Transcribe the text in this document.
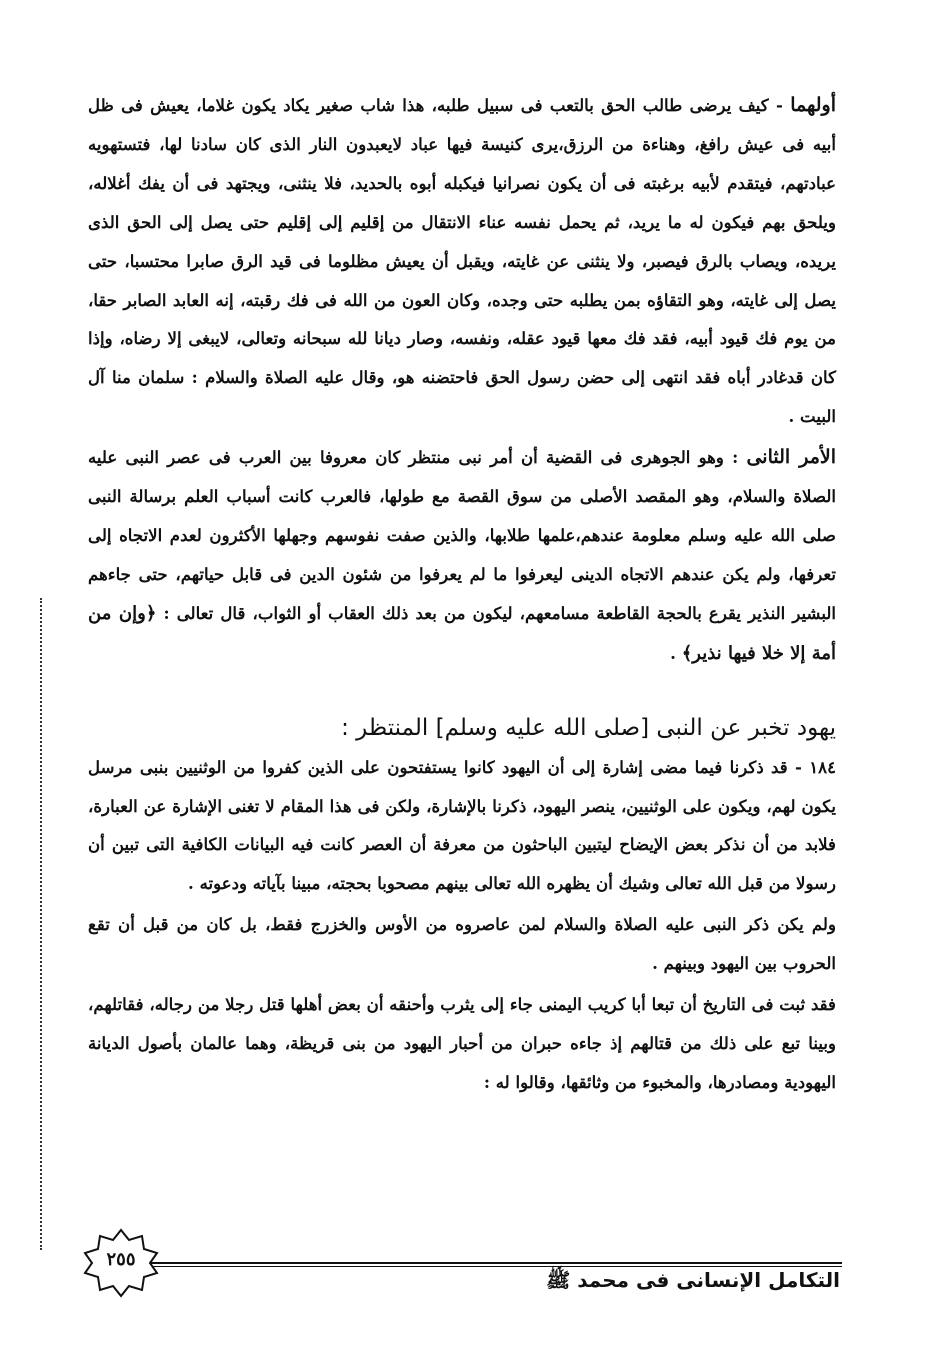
أولهما - كيف يرضى طالب الحق بالتعب فى سبيل طلبه، هذا شاب صغير يكاد يكون غلاما، يعيش فى ظل أبيه فى عيش رافغ، وهناءة من الرزق،يرى كنيسة فيها عباد لايعبدون النار الذى كان سادنا لها، فتستهويه عبادتهم، فيتقدم لأبيه برغبته فى أن يكون نصرانيا فيكبله أبوه بالحديد، فلا ينثنى، ويجتهد فى أن يفك أغلاله، ويلحق بهم فيكون له ما يريد، ثم يحمل نفسه عناء الانتقال من إقليم إلى إقليم حتى يصل إلى الحق الذى يريده، ويصاب بالرق فيصبر، ولا ينثنى عن غايته، ويقبل أن يعيش مظلوما فى قيد الرق صابرا محتسبا، حتى يصل إلى غايته، وهو التقاؤه بمن يطلبه حتى وجده، وكان العون من الله فى فك رقبته، إنه العابد الصابر حقا، من يوم فك قيود أبيه، فقد فك معها قيود عقله، ونفسه، وصار دیانا لله سبحانه وتعالى، لايبغى إلا رضاه، وإذا كان قدغادر أباه فقد انتهى إلى حضن رسول الحق فاحتضنه هو، وقال عليه الصلاة والسلام : سلمان منا آل البيت .

الأمر الثانى : وهو الجوهرى فى القضية أن أمر نبى منتظر كان معروفا بين العرب فى عصر النبى عليه الصلاة والسلام، وهو المقصد الأصلى من سوق القصة مع طولها، فالعرب كانت أسباب العلم برسالة النبى صلى الله عليه وسلم معلومة عندهم،علمها طلابها، والذين صفت نفوسهم وجهلها الأكثرون لعدم الاتجاه إلى تعرفها، ولم يكن عندهم الاتجاه الدينى ليعرفوا ما لم يعرفوا من شئون الدين فى قابل حياتهم، حتى جاءهم البشير النذير يقرع بالحجة القاطعة مسامعهم، ليكون من بعد ذلك العقاب أو الثواب، قال تعالى : ﴿وإن من أمة إلا خلا فيها نذير﴾ .

يهود تخبر عن النبى [صلى الله عليه وسلم] المنتظر :

١٨٤ - قد ذكرنا فيما مضى إشارة إلى أن اليهود كانوا يستفتحون على الذين كفروا من الوثنيين بنبى مرسل يكون لهم، ويكون على الوثنيين، ينصر اليهود، ذكرنا بالإشارة، ولكن فى هذا المقام لا تغنى الإشارة عن العبارة، فلابد من أن نذكر بعض الإيضاح ليتبين الباحثون من معرفة أن العصر كانت فيه البيانات الكافية التى تبين أن رسولا من قبل الله تعالى وشيك أن يظهره الله تعالى بينهم مصحوبا بحجته، مبينا بآياته ودعوته .

ولم يكن ذكر النبى عليه الصلاة والسلام لمن عاصروه من الأوس والخزرج فقط، بل كان من قبل أن تقع الحروب بين اليهود وبينهم .

فقد ثبت فى التاريخ أن تبعا أبا كريب اليمنى جاء إلى يثرب وأحنقه أن بعض أهلها قتل رجلا من رجاله، فقاتلهم، وبينا تبع على ذلك من قتالهم إذ جاءه حبران من أحبار اليهود من بنى قريظة، وهما عالمان بأصول الديانة اليهودية ومصادرها، والمخبوء من وثائقها، وقالوا له :

٢٥٥
التكامل الإنسانى فى محمد ﷺ
